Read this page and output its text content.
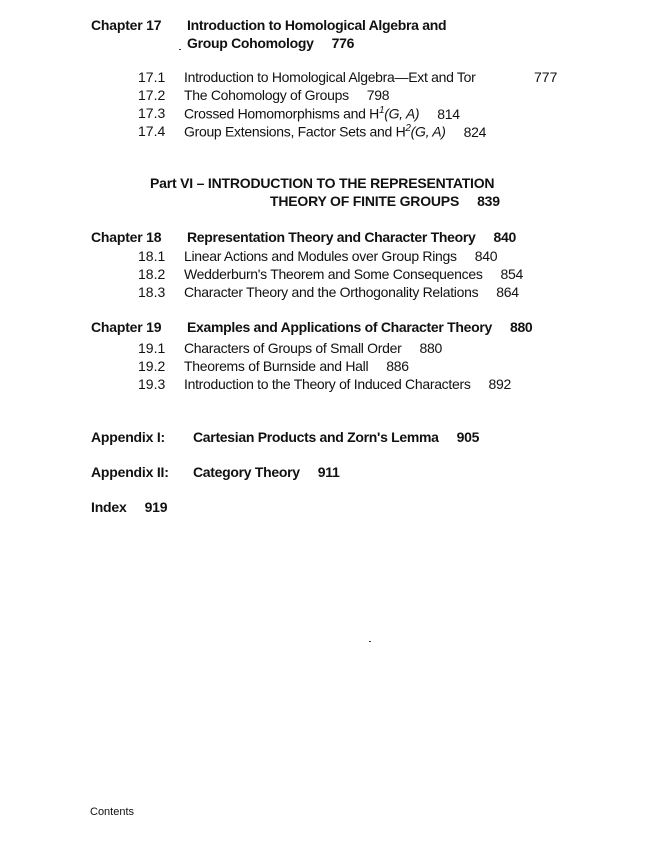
Chapter 17 Introduction to Homological Algebra and
Group Cohomology 776
17.1 Introduction to Homological Algebra—Ext and Tor	777
17.2 The Cohomology of Groups 798
17.3 Crossed Homomorphisms and $H^1(G$, A) 814
17.4 Group Extensions, Factor Sets and $H^2(G$, A) 824
Part VI – INTRODUCTION TO THE REPRESENTATION
THEORY OF FINITE GROUPS 839
Chapter 18 Representation Theory and Character Theory 840
18.1 Linear Actions and Modules over Group Rings 840
18.2 Wedderburn's Theorem and Some Consequences 854
18.3 Character Theory and the Orthogonality Relations 864
Chapter 19 Examples and Applications of Character Theory 880
19.1 Characters of Groups of Small Order 880
19.2 Theorems of Burnside and Hall 886
19.3 Introduction to the Theory of Induced Characters 892
Appendix I: Cartesian Products and Zorn's Lemma 905
Appendix II: Category Theory 911
Index 919
Contents
